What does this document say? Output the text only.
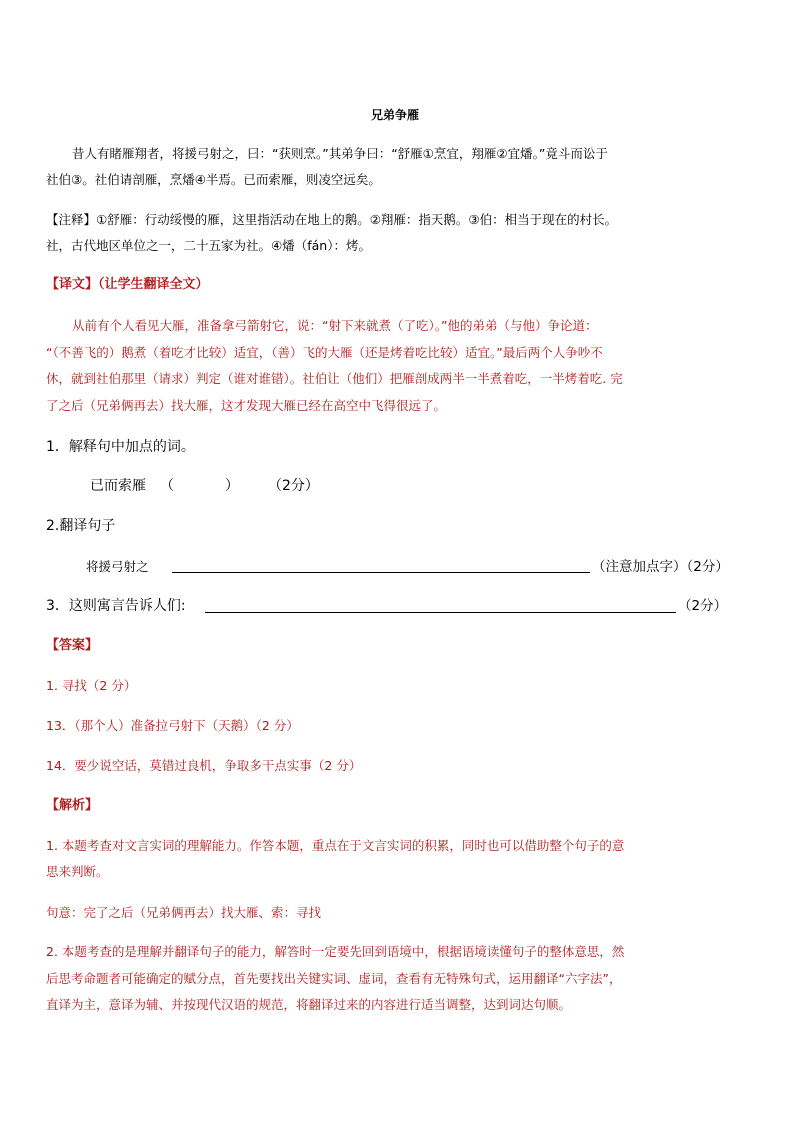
兄弟争雁
昔人有睹雁翔者，将援弓射之，曰：“获则烹。”其弟争曰：“舒雁①烹宜，翔雁②宜燔。”竟斗而讼于
社伯③。社伯请剖雁，烹燔④半焉。已而索雁，则凌空远矣。
【注释】①舒雁：行动绥慢的雁，这里指活动在地上的鹅。②翔雁：指天鹅。③伯：相当于现在的村长。
社，古代地区单位之一，二十五家为社。④燔（fán）：烤。
【译文】（让学生翻译全文）
从前有个人看见大雁，准备拿弓箭射它，说：“射下来就煮（了吃）。”他的弟弟（与他）争论道：
“（不善飞的）鹅煮（着吃才比较）适宜，（善）飞的大雁（还是烤着吃比较）适宜。”最后两个人争吵不
休，就到社伯那里（请求）判定（谁对谁错）。社伯让（他们）把雁剖成两半一半煮着吃，一半烤着吃. 完
了之后（兄弟俩再去）找大雁，这才发现大雁已经在高空中飞得很远了。
1．解释句中加点的词。
已而索雁 （	） （2分）
2.翻译句子
将援弓射之	（注意加点字）（2分）
3．这则寓言告诉人们:	（2分）
【答案】
1. 寻找（2 分）
13．（那个人）准备拉弓射下（天鹅）（2 分）
14．要少说空话，莫错过良机，争取多干点实事（2 分）
【解析】
1. 本题考查对文言实词的理解能力。作答本题，重点在于文言实词的积累，同时也可以借助整个句子的意
思来判断。
句意：完了之后（兄弟俩再去）找大雁、索：寻找
2. 本题考查的是理解并翻译句子的能力，解答时一定要先回到语境中，根据语境读懂句子的整体意思，然
后思考命题者可能确定的赋分点，首先要找出关键实词、虚词，查看有无特殊句式，运用翻译“六字法”，
直译为主，意译为辅、并按现代汉语的规范，将翻译过来的内容进行适当调整，达到词达句顺。
